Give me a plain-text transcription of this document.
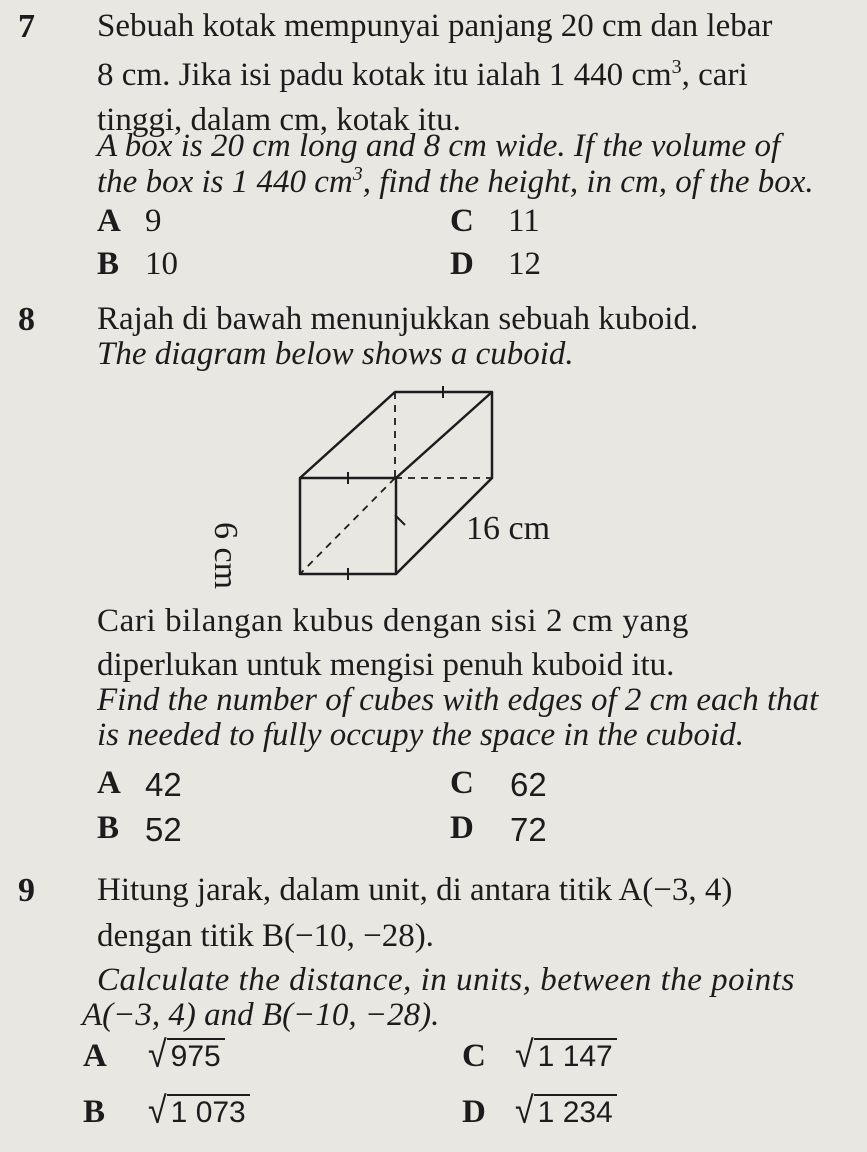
7 Sebuah kotak mempunyai panjang 20 cm dan lebar
8 cm. Jika isi padu kotak itu ialah 1 440 $cm^3$, cari
tinggi, dalam cm, kotak itu.
A box is 20 cm long and 8 cm wide. If the volume of
the box is 1 440 $cm^3$, find the height, in cm, of the box.
A 9
B 10
C 11
D 12
8 Rajah di bawah menunjukkan sebuah kuboid.
The diagram below shows a cuboid.
6 cm	16 cm
Cari bilangan kubus dengan sisi 2 cm yang
diperlukan untuk mengisi penuh kuboid itu.
Find the number of cubes with edges of 2 cm each that
is needed to fully occupy the space in the cuboid.
A 42
B 52
C 62
D 72
9 Hitung jarak, dalam unit, di antara titik A(−3, 4)
dengan titik B(−10, −28).
Calculate the distance, in units, between the points
A(−3, 4) and B(−10, −28).
A √ 975
B √ 1 073
C √ 1 147
D √ 1 234
